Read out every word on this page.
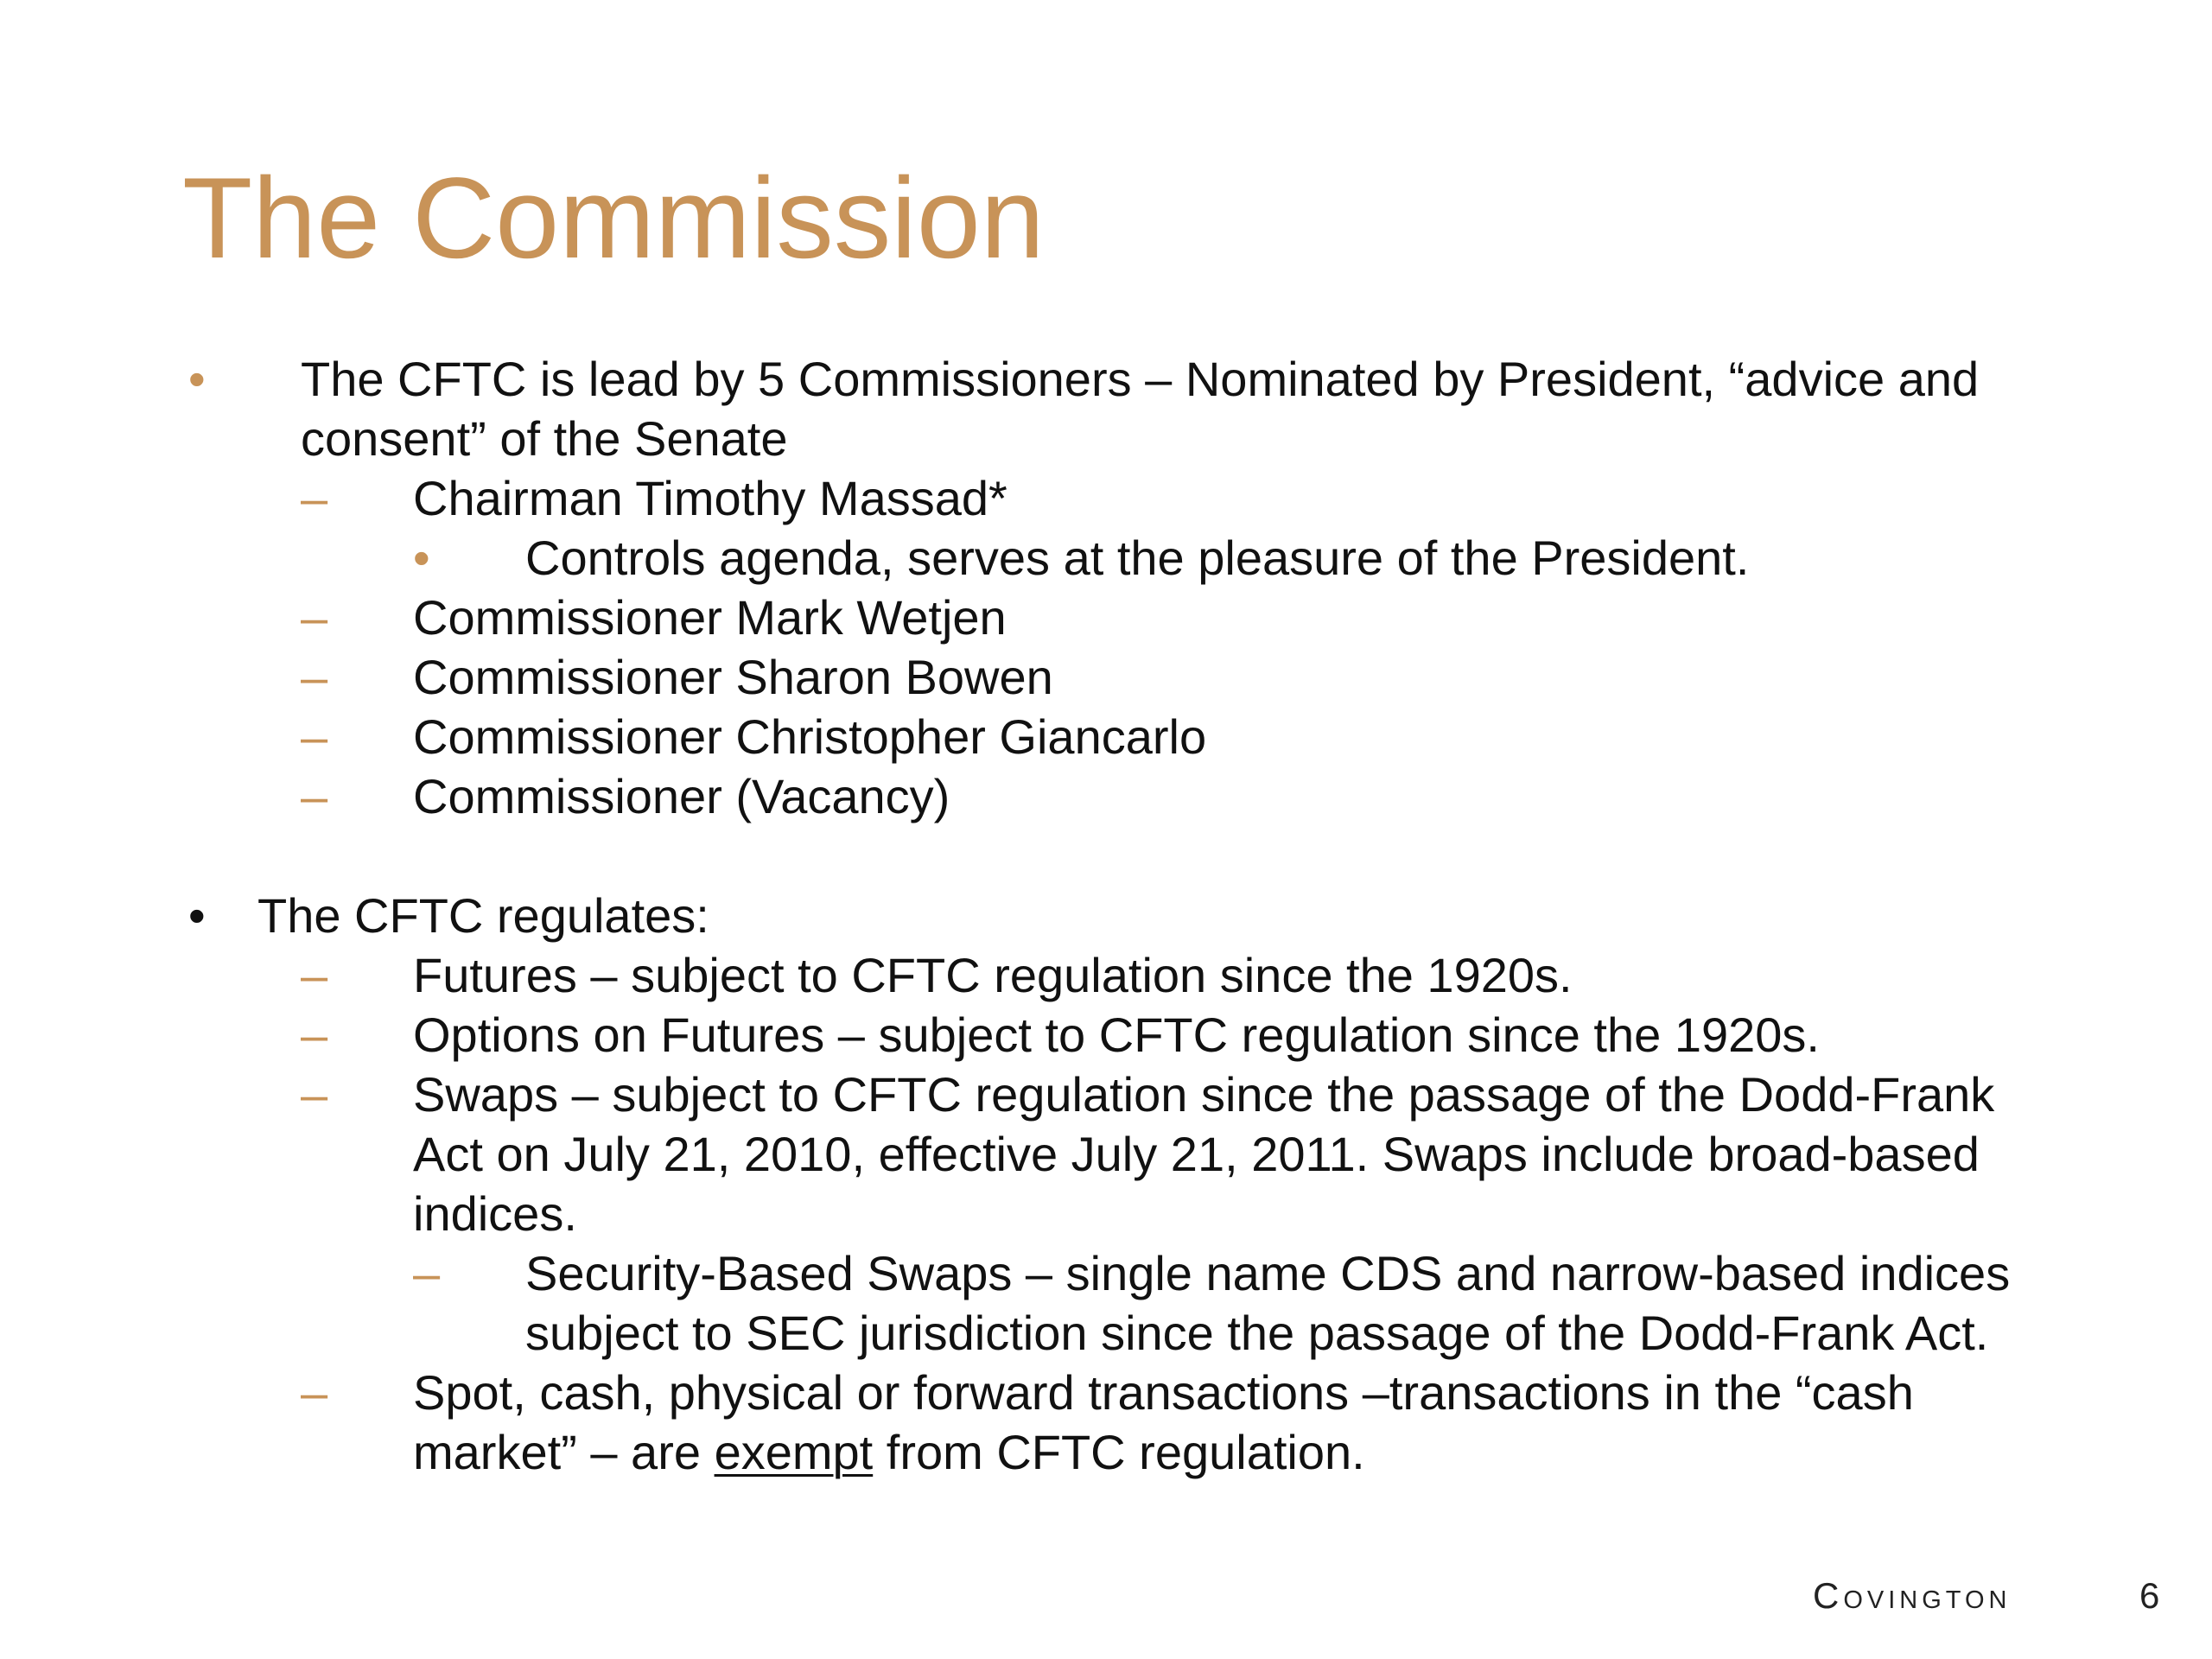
The Commission
• The CFTC is lead by 5 Commissioners – Nominated by President, “advice and
consent” of the Senate
– Chairman Timothy Massad*
• Controls agenda, serves at the pleasure of the President.
– Commissioner Mark Wetjen
– Commissioner Sharon Bowen
– Commissioner Christopher Giancarlo
– Commissioner (Vacancy)
• The CFTC regulates:
– Futures – subject to CFTC regulation since the 1920s.
– Options on Futures – subject to CFTC regulation since the 1920s.
– Swaps – subject to CFTC regulation since the passage of the Dodd-Frank
Act on July 21, 2010, effective July 21, 2011. Swaps include broad-based
indices.
– Security-Based Swaps – single name CDS and narrow-based indices
subject to SEC jurisdiction since the passage of the Dodd-Frank Act.
– Spot, cash, physical or forward transactions –transactions in the “cash
market” – are exempt from CFTC regulation.
Covington	6
